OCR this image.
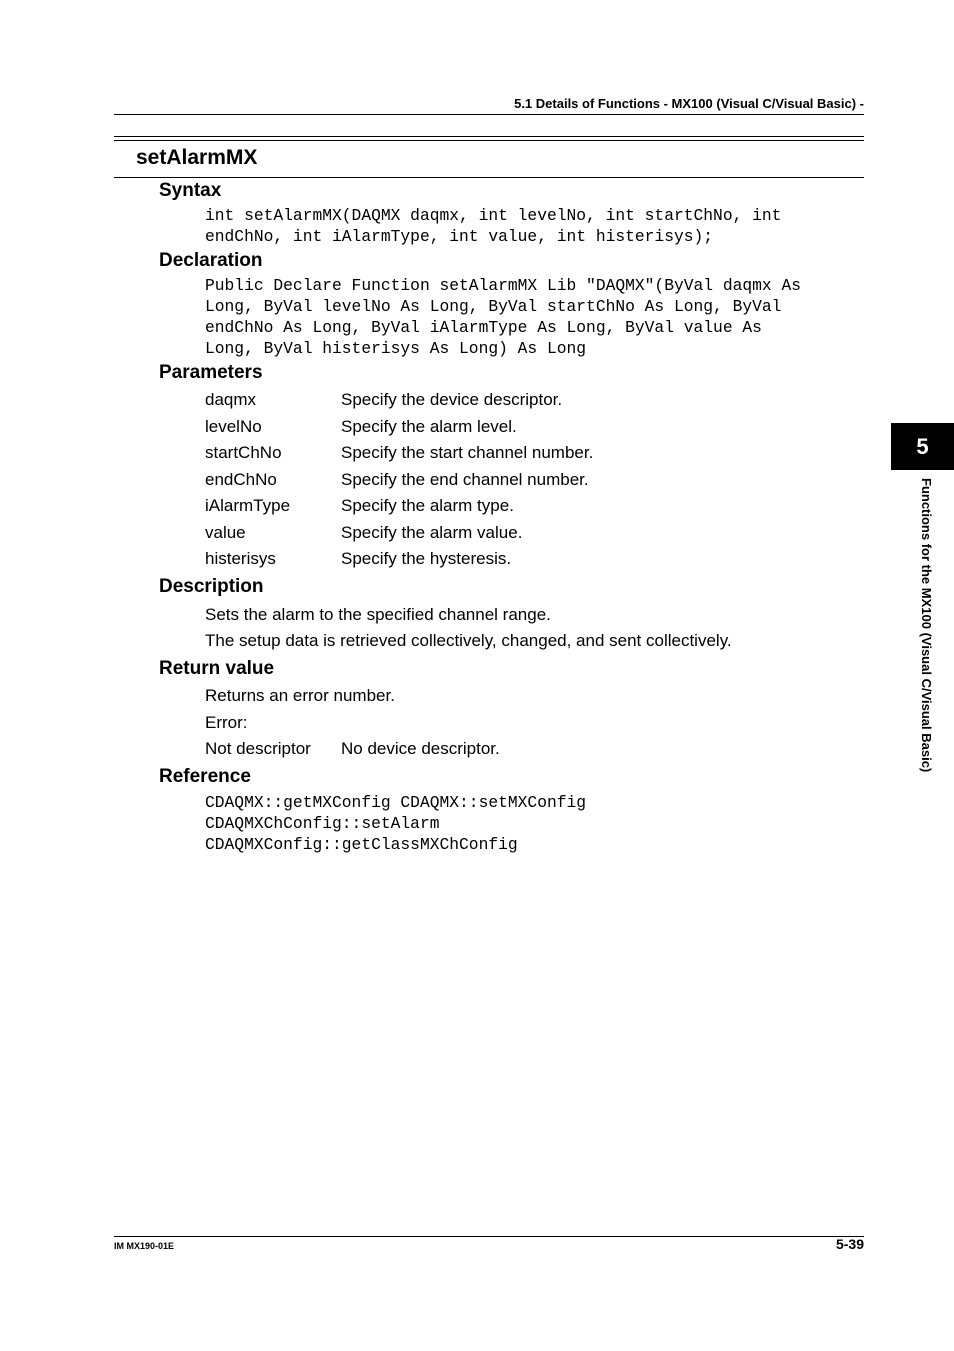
5.1 Details of Functions - MX100 (Visual C/Visual Basic) -
setAlarmMX
Syntax
int setAlarmMX(DAQMX daqmx, int levelNo, int startChNo, int
endChNo, int iAlarmType, int value, int histerisys);
Declaration
Public Declare Function setAlarmMX Lib "DAQMX"(ByVal daqmx As
Long, ByVal levelNo As Long, ByVal startChNo As Long, ByVal
endChNo As Long, ByVal iAlarmType As Long, ByVal value As
Long, ByVal histerisys As Long) As Long
Parameters
daqmx	Specify the device descriptor.
levelNo	Specify the alarm level.
startChNo	Specify the start channel number.
endChNo	Specify the end channel number.
iAlarmType	Specify the alarm type.
value	Specify the alarm value.
histerisys	Specify the hysteresis.
Description
Sets the alarm to the specified channel range.
The setup data is retrieved collectively, changed, and sent collectively.
Return value
Returns an error number.
Error:
Not descriptor No device descriptor.
Reference
CDAQMX::getMXConfig CDAQMX::setMXConfig
CDAQMXChConfig::setAlarm
CDAQMXConfig::getClassMXChConfig
5
Functions for the MX100 (Visual C/Visual Basic)
IM MX190-01E	5-39
